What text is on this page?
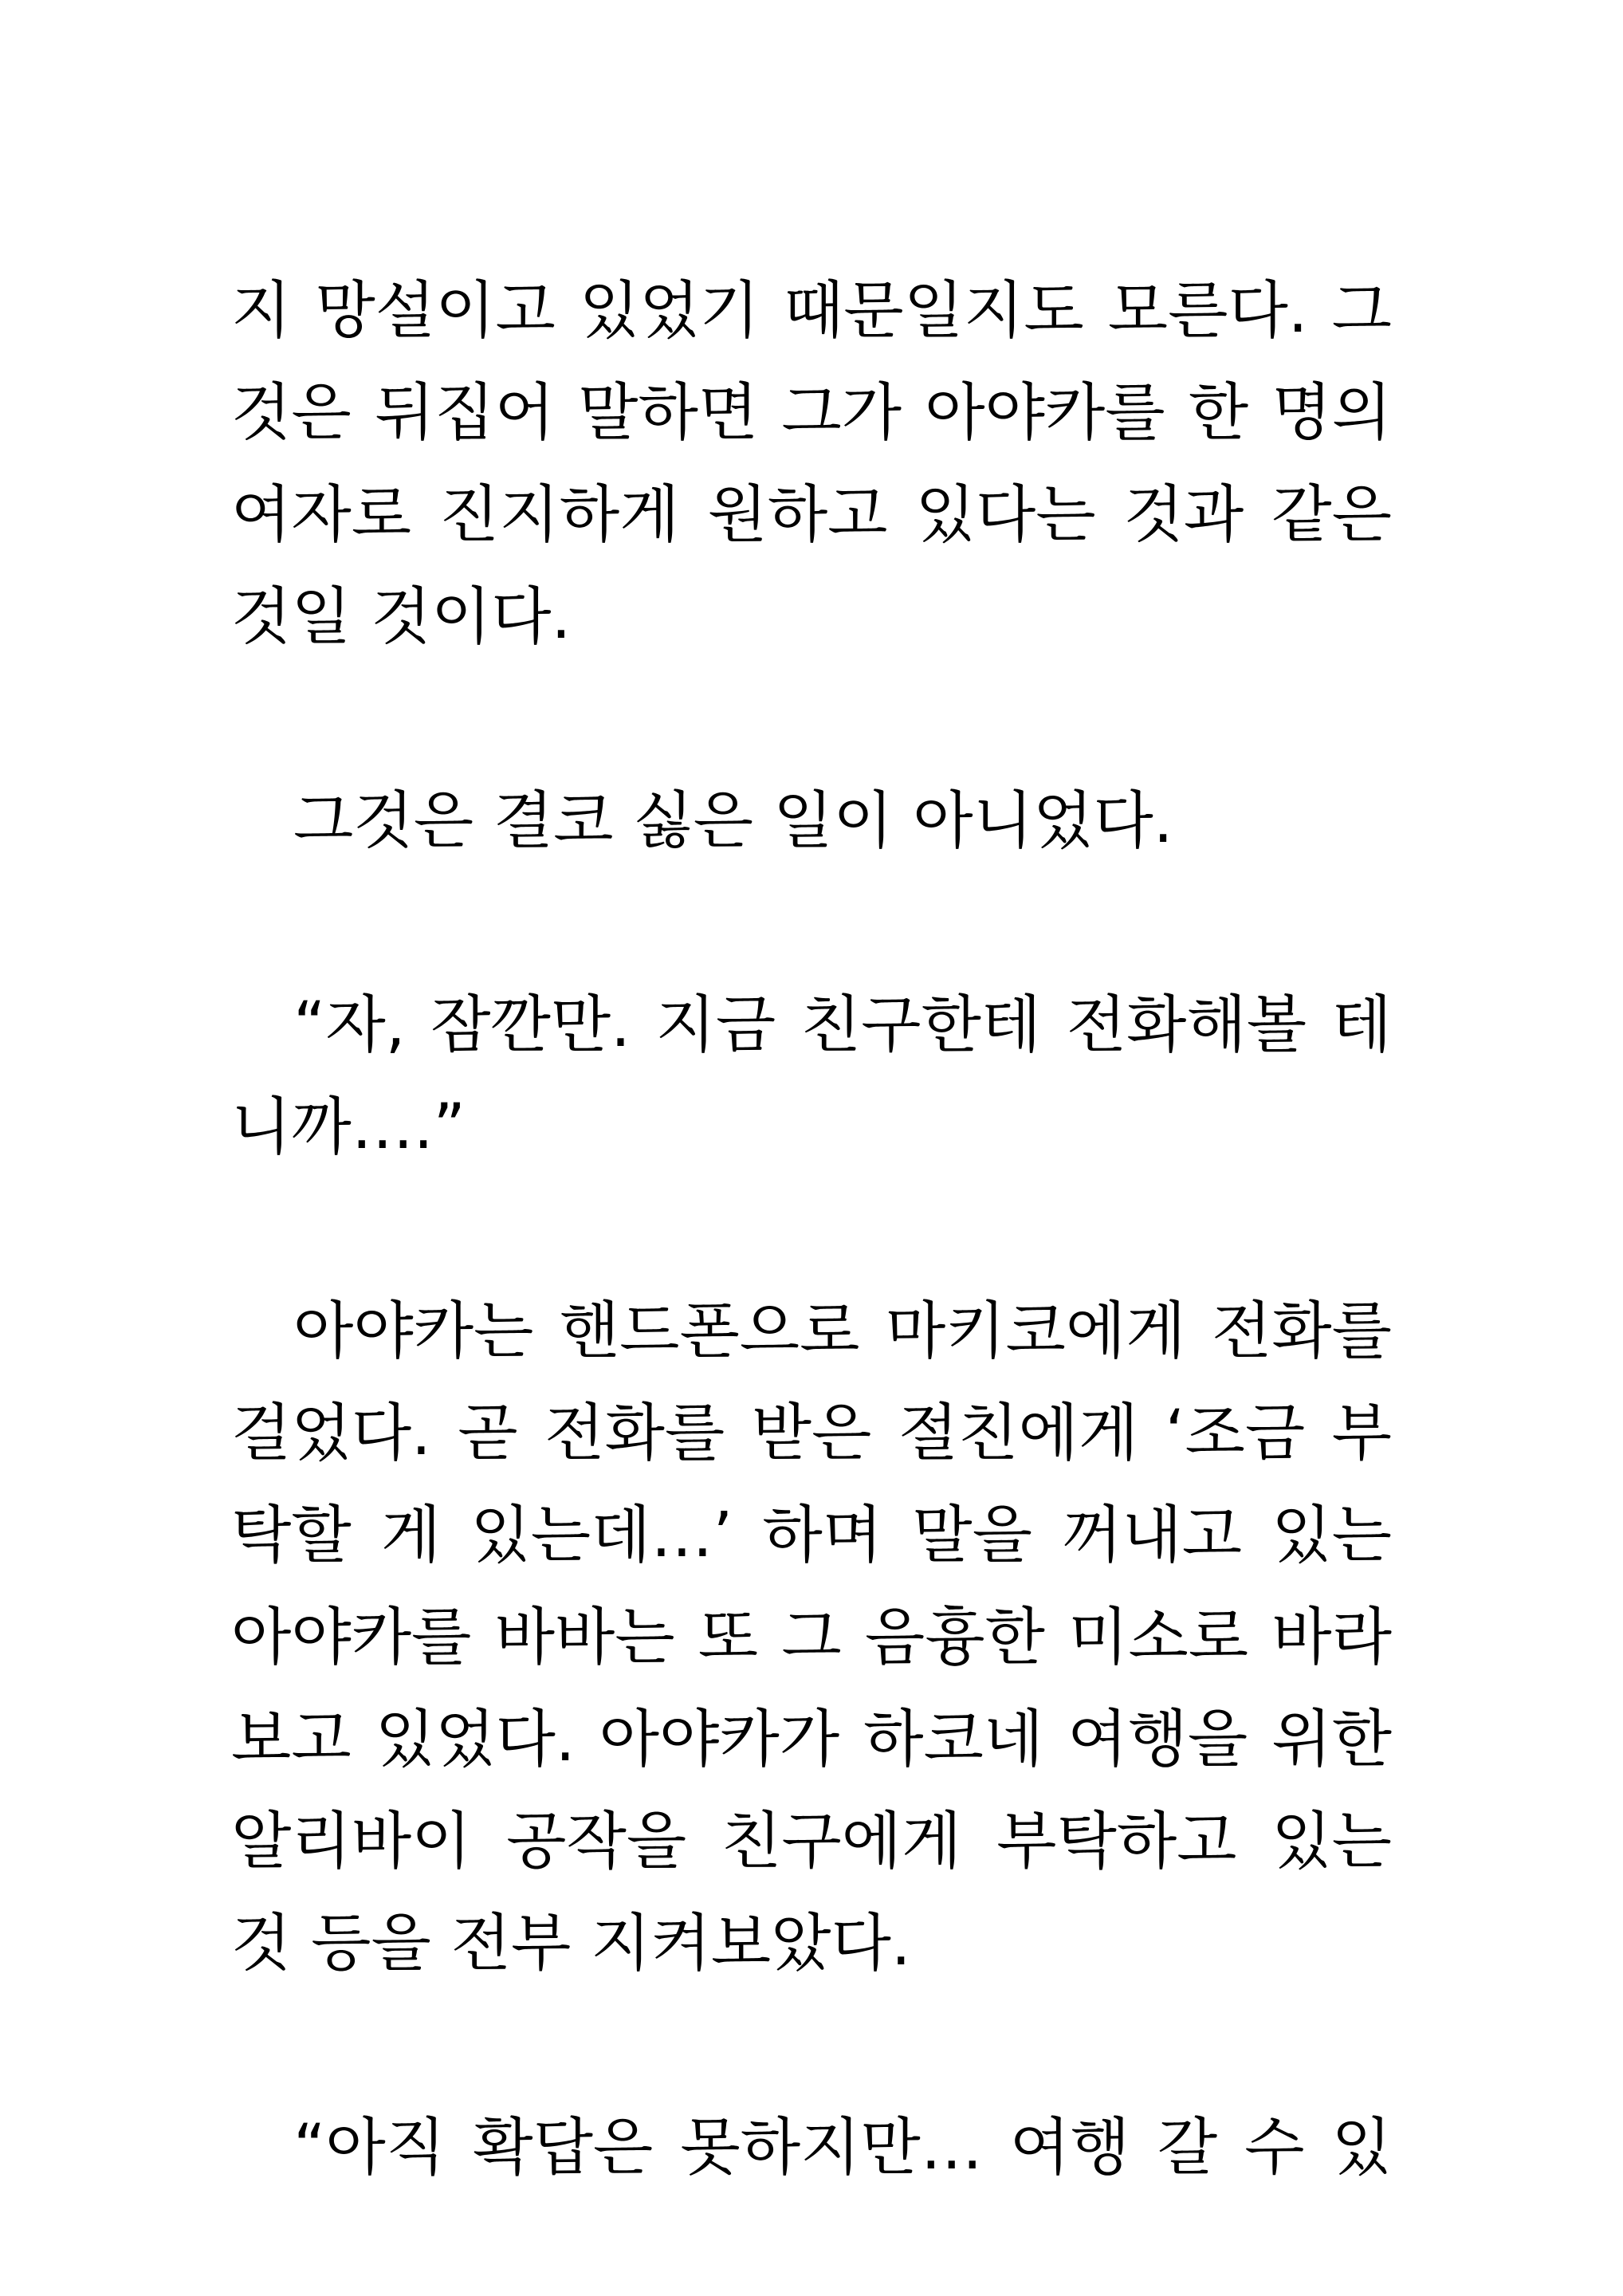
지 망설이고 있었기 때문일지도 모른다. 그
것은 뒤집어 말하면 그가 아야카를 한 명의
여자로 진지하게 원하고 있다는 것과 같은
것일 것이다.
그것은 결코 싫은 일이 아니었다.
“자, 잠깐만. 지금 친구한테 전화해볼 테
니까….”
아야카는 핸드폰으로 마키코에게 전화를
걸었다. 곧 전화를 받은 절친에게 ‘조금 부
탁할 게 있는데…’ 하며 말을 꺼내고 있는
아야카를 바바는 또 그 음흉한 미소로 바라
보고 있었다. 아야카가 하코네 여행을 위한
알리바이 공작을 친구에게 부탁하고 있는
것 등을 전부 지켜보았다.
“아직 확답은 못하지만… 여행 갈 수 있
